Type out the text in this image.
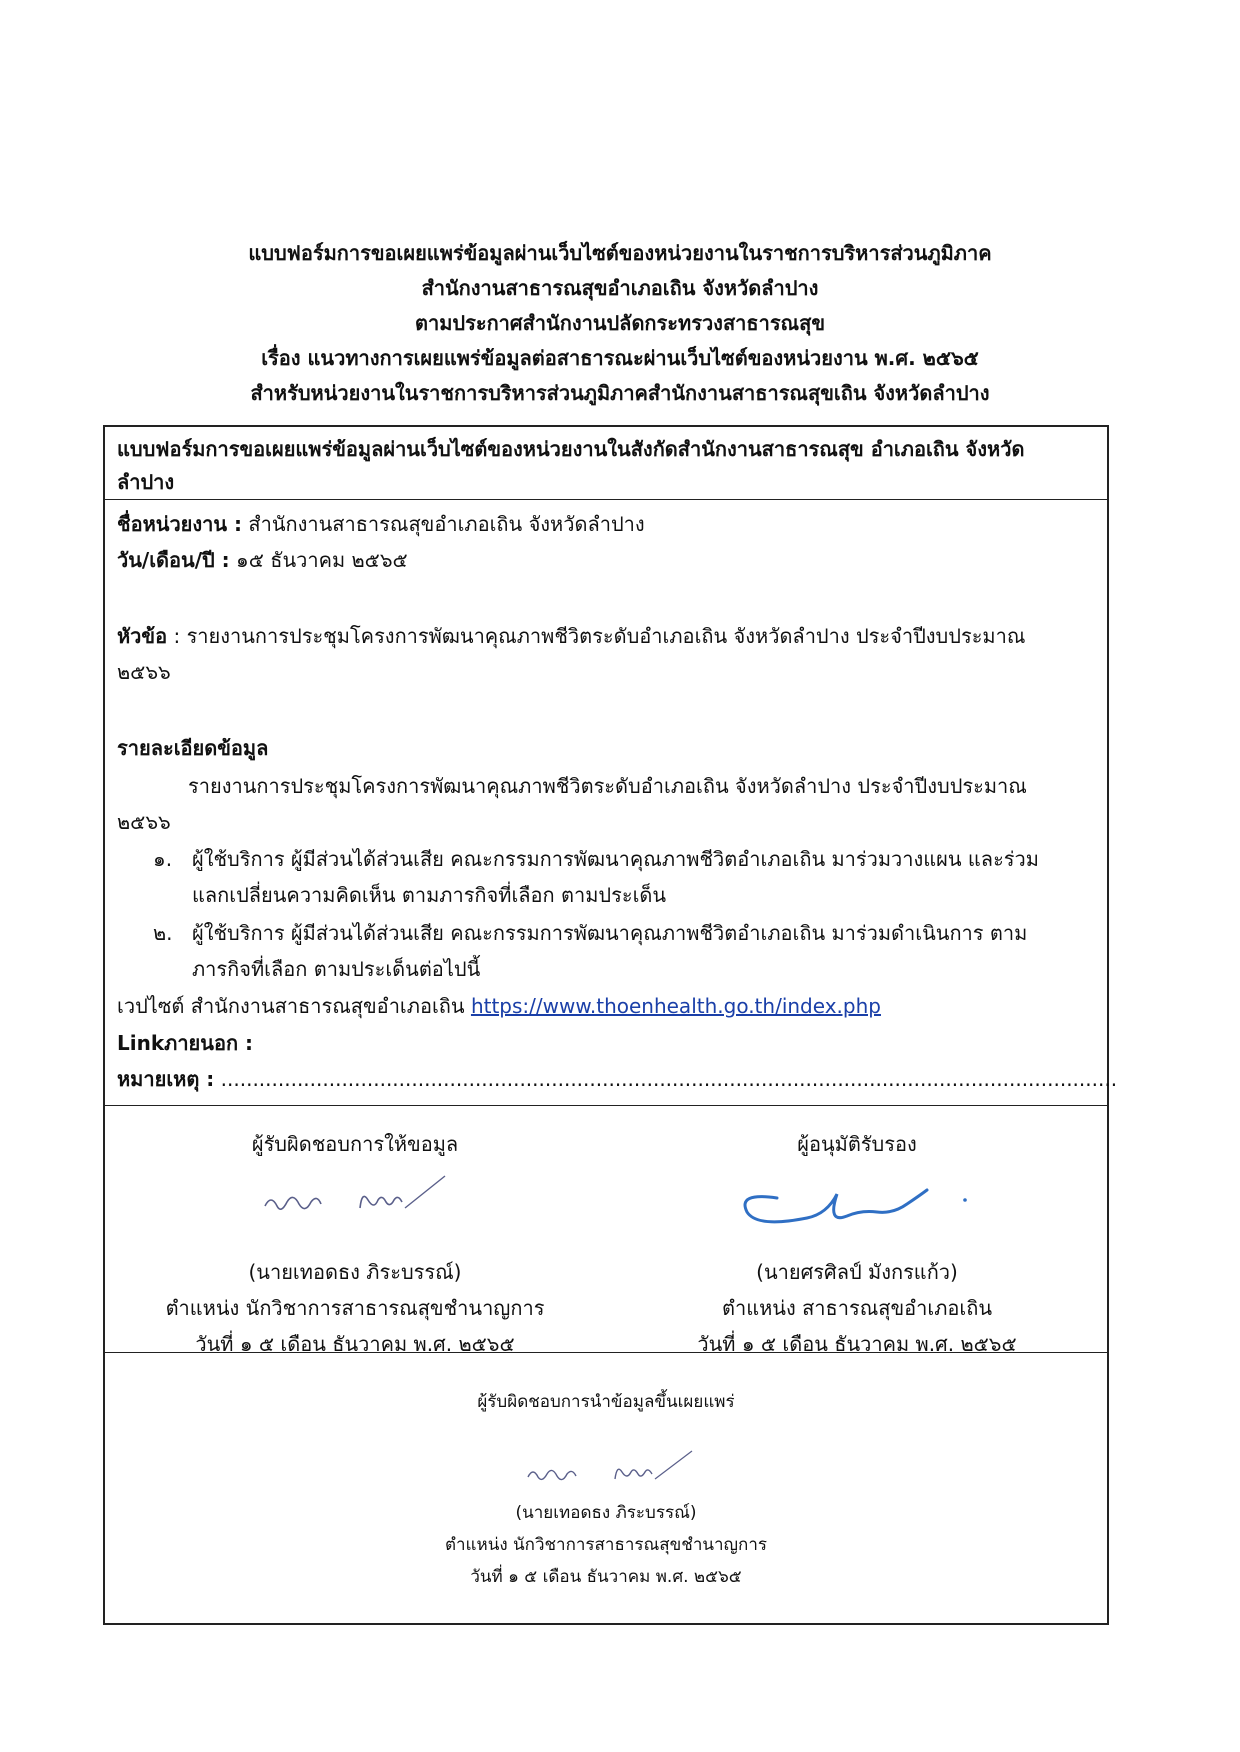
แบบฟอร์มการขอเผยแพร่ข้อมูลผ่านเว็บไซต์ของหน่วยงานในราชการบริหารส่วนภูมิภาค
สำนักงานสาธารณสุขอำเภอเถิน จังหวัดลำปาง
ตามประกาศสำนักงานปลัดกระทรวงสาธารณสุข
เรื่อง แนวทางการเผยแพร่ข้อมูลต่อสาธารณะผ่านเว็บไซต์ของหน่วยงาน พ.ศ. ๒๕๖๕
สำหรับหน่วยงานในราชการบริหารส่วนภูมิภาคสำนักงานสาธารณสุขเถิน จังหวัดลำปาง
แบบฟอร์มการขอเผยแพร่ข้อมูลผ่านเว็บไซต์ของหน่วยงานในสังกัดสำนักงานสาธารณสุข อำเภอเถิน จังหวัดลำปาง
ชื่อหน่วยงาน : สำนักงานสาธารณสุขอำเภอเถิน จังหวัดลำปาง
วัน/เดือน/ปี : ๑๕ ธันวาคม ๒๕๖๕
หัวข้อ : รายงานการประชุมโครงการพัฒนาคุณภาพชีวิตระดับอำเภอเถิน จังหวัดลำปาง ประจำปีงบประมาณ
๒๕๖๖
รายละเอียดข้อมูล
รายงานการประชุมโครงการพัฒนาคุณภาพชีวิตระดับอำเภอเถิน จังหวัดลำปาง ประจำปีงบประมาณ
๒๕๖๖
๑. ผู้ใช้บริการ ผู้มีส่วนได้ส่วนเสีย คณะกรรมการพัฒนาคุณภาพชีวิตอำเภอเถิน มาร่วมวางแผน และร่วม
แลกเปลี่ยนความคิดเห็น ตามภารกิจที่เลือก ตามประเด็น
๒. ผู้ใช้บริการ ผู้มีส่วนได้ส่วนเสีย คณะกรรมการพัฒนาคุณภาพชีวิตอำเภอเถิน มาร่วมดำเนินการ ตาม
ภารกิจที่เลือก ตามประเด็นต่อไปนี้
เวปไซต์ สำนักงานสาธารณสุขอำเภอเถิน https://www.thoenhealth.go.th/index.php
Linkภายนอก :
หมายเหตุ : .............................................................................................................................................
ผู้รับผิดชอบการให้ขอมูล
(นายเทอดธง ภิระบรรณ์)
ตำแหน่ง นักวิชาการสาธารณสุขชำนาญการ
วันที่ ๑ ๕ เดือน ธันวาคม พ.ศ. ๒๕๖๕
ผู้อนุมัติรับรอง
(นายศรศิลป์ มังกรแก้ว)
ตำแหน่ง สาธารณสุขอำเภอเถิน
วันที่ ๑ ๕ เดือน ธันวาคม พ.ศ. ๒๕๖๕
ผู้รับผิดชอบการนำข้อมูลขึ้นเผยแพร่
(นายเทอดธง ภิระบรรณ์)
ตำแหน่ง นักวิชาการสาธารณสุขชำนาญการ
วันที่ ๑ ๕ เดือน ธันวาคม พ.ศ. ๒๕๖๕
